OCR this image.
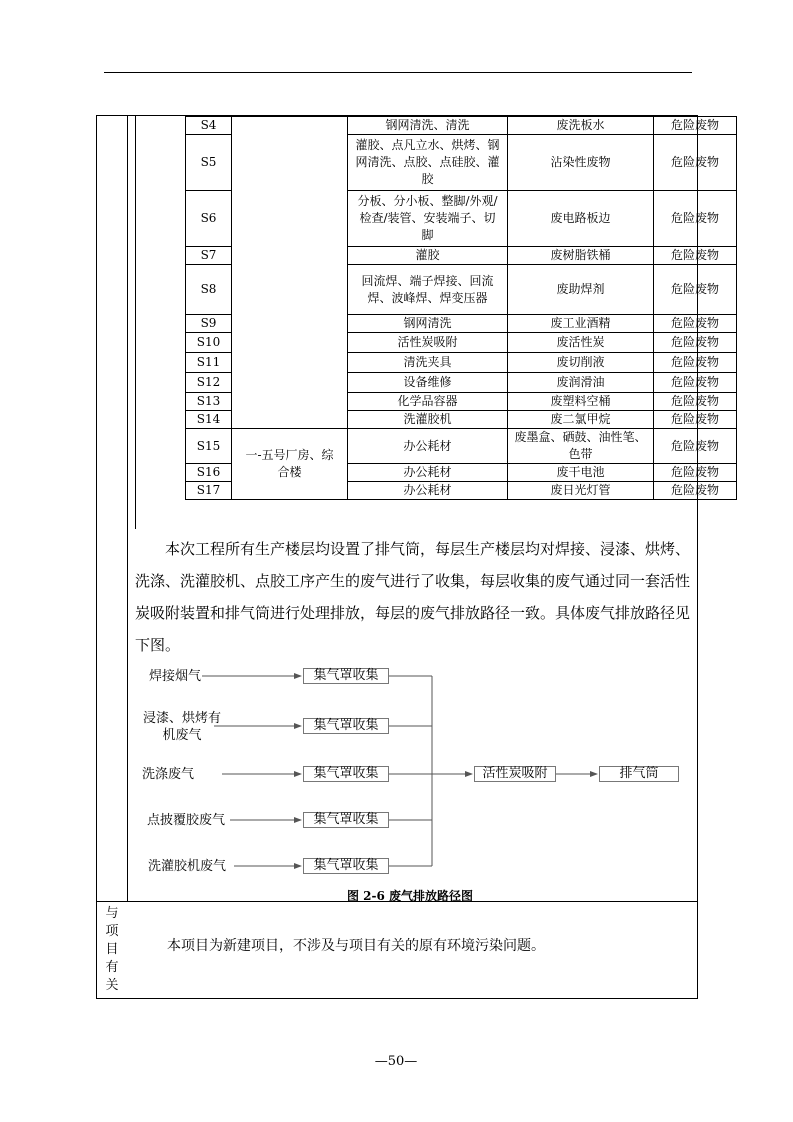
S4		钢网清洗、清洗	废洗板水	危险废物
S5		灌胶、点凡立水、烘烤、钢网清洗、点胶、点硅胶、灌胶	沾染性废物	危险废物
S6		分板、分小板、整脚/外观/检查/装管、安装端子、切脚	废电路板边	危险废物
S7		灌胶	废树脂铁桶	危险废物
S8		回流焊、端子焊接、回流焊、波峰焊、焊变压器	废助焊剂	危险废物
S9		钢网清洗	废工业酒精	危险废物
S10		活性炭吸附	废活性炭	危险废物
S11		清洗夹具	废切削液	危险废物
S12		设备维修	废润滑油	危险废物
S13		化学品容器	废塑料空桶	危险废物
S14		洗灌胶机	废二氯甲烷	危险废物
S15	一-五号厂房、综合楼	办公耗材	废墨盒、硒鼓、油性笔、色带	危险废物
S16		办公耗材	废干电池	危险废物
S17		办公耗材	废日光灯管	危险废物

本次工程所有生产楼层均设置了排气筒，每层生产楼层均对焊接、浸漆、烘烤、洗涤、洗灌胶机、点胶工序产生的废气进行了收集，每层收集的废气通过同一套活性炭吸附装置和排气筒进行处理排放，每层的废气排放路径一致。具体废气排放路径见下图。

焊接烟气
浸漆、烘烤有机废气
洗涤废气
点披覆胶废气
洗灌胶机废气
集气罩收集
集气罩收集
集气罩收集
集气罩收集
集气罩收集
活性炭吸附	排气筒
图 2-6 废气排放路径图
与
项
目
有
关
本项目为新建项目，不涉及与项目有关的原有环境污染问题。
—50—
